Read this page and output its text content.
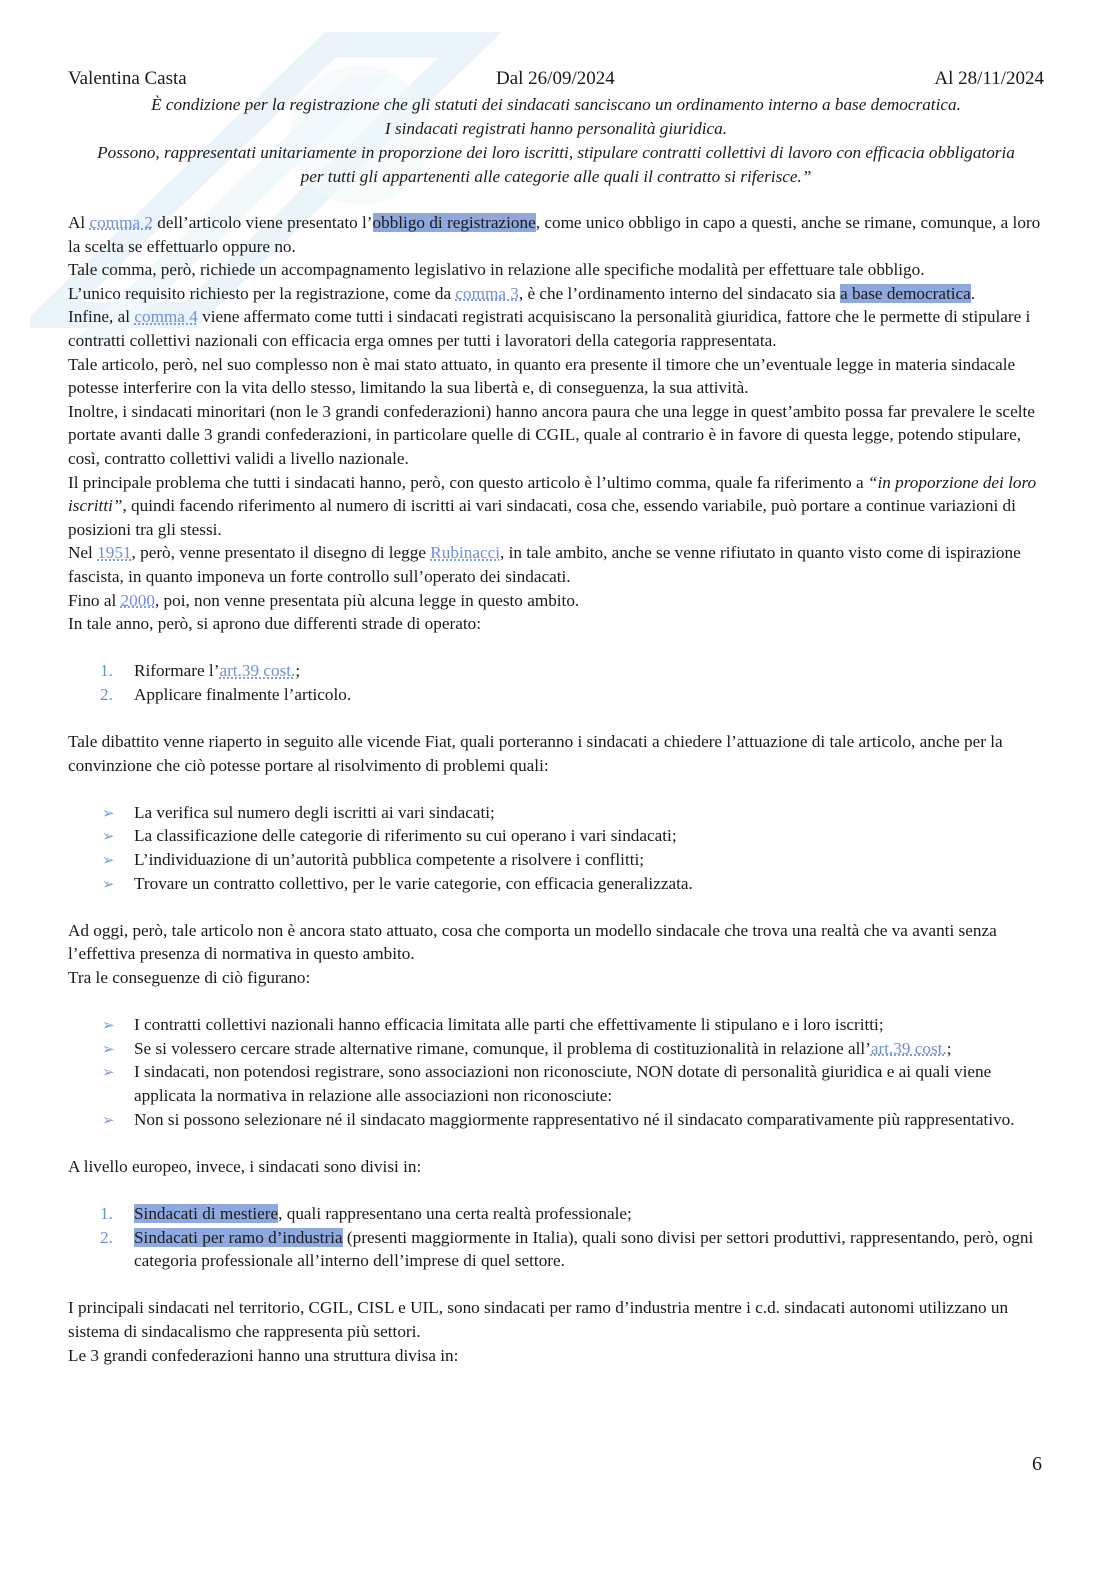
Valentina Casta	Dal 26/09/2024	Al 28/11/2024
È condizione per la registrazione che gli statuti dei sindacati sanciscano un ordinamento interno a base democratica.
I sindacati registrati hanno personalità giuridica.
Possono, rappresentati unitariamente in proporzione dei loro iscritti, stipulare contratti collettivi di lavoro con efficacia obbligatoria
per tutti gli appartenenti alle categorie alle quali il contratto si riferisce.”

Al comma 2 dell’articolo viene presentato l’obbligo di registrazione, come unico obbligo in capo a questi, anche se rimane, comunque, a loro la scelta se effettuarlo oppure no.

Tale comma, però, richiede un accompagnamento legislativo in relazione alle specifiche modalità per effettuare tale obbligo.

L’unico requisito richiesto per la registrazione, come da comma 3, è che l’ordinamento interno del sindacato sia a base democratica.

Infine, al comma 4 viene affermato come tutti i sindacati registrati acquisiscano la personalità giuridica, fattore che le permette di stipulare i contratti collettivi nazionali con efficacia erga omnes per tutti i lavoratori della categoria rappresentata.

Tale articolo, però, nel suo complesso non è mai stato attuato, in quanto era presente il timore che un’eventuale legge in materia sindacale potesse interferire con la vita dello stesso, limitando la sua libertà e, di conseguenza, la sua attività.

Inoltre, i sindacati minoritari (non le 3 grandi confederazioni) hanno ancora paura che una legge in quest’ambito possa far prevalere le scelte portate avanti dalle 3 grandi confederazioni, in particolare quelle di CGIL, quale al contrario è in favore di questa legge, potendo stipulare, così, contratto collettivi validi a livello nazionale.

Il principale problema che tutti i sindacati hanno, però, con questo articolo è l’ultimo comma, quale fa riferimento a “in proporzione dei loro iscritti”, quindi facendo riferimento al numero di iscritti ai vari sindacati, cosa che, essendo variabile, può portare a continue variazioni di posizioni tra gli stessi.

Nel 1951, però, venne presentato il disegno di legge Rubinacci, in tale ambito, anche se venne rifiutato in quanto visto come di ispirazione fascista, in quanto imponeva un forte controllo sull’operato dei sindacati.

Fino al 2000, poi, non venne presentata più alcuna legge in questo ambito.

In tale anno, però, si aprono due differenti strade di operato:

1. Riformare l’art.39 cost.;
2. Applicare finalmente l’articolo.

Tale dibattito venne riaperto in seguito alle vicende Fiat, quali porteranno i sindacati a chiedere l’attuazione di tale articolo, anche per la convinzione che ciò potesse portare al risolvimento di problemi quali:

➢ La verifica sul numero degli iscritti ai vari sindacati;
➢ La classificazione delle categorie di riferimento su cui operano i vari sindacati;
➢ L’individuazione di un’autorità pubblica competente a risolvere i conflitti;
➢ Trovare un contratto collettivo, per le varie categorie, con efficacia generalizzata.

Ad oggi, però, tale articolo non è ancora stato attuato, cosa che comporta un modello sindacale che trova una realtà che va avanti senza l’effettiva presenza di normativa in questo ambito.

Tra le conseguenze di ciò figurano:

➢ I contratti collettivi nazionali hanno efficacia limitata alle parti che effettivamente li stipulano e i loro iscritti;
➢ Se si volessero cercare strade alternative rimane, comunque, il problema di costituzionalità in relazione all’art.39 cost.;
➢ I sindacati, non potendosi registrare, sono associazioni non riconosciute, NON dotate di personalità giuridica e ai quali viene applicata la normativa in relazione alle associazioni non riconosciute:
➢ Non si possono selezionare né il sindacato maggiormente rappresentativo né il sindacato comparativamente più rappresentativo.

A livello europeo, invece, i sindacati sono divisi in:

1. Sindacati di mestiere, quali rappresentano una certa realtà professionale;
2. Sindacati per ramo d’industria (presenti maggiormente in Italia), quali sono divisi per settori produttivi, rappresentando, però, ogni categoria professionale all’interno dell’imprese di quel settore.

I principali sindacati nel territorio, CGIL, CISL e UIL, sono sindacati per ramo d’industria mentre i c.d. sindacati autonomi utilizzano un sistema di sindacalismo che rappresenta più settori.

Le 3 grandi confederazioni hanno una struttura divisa in:

6
